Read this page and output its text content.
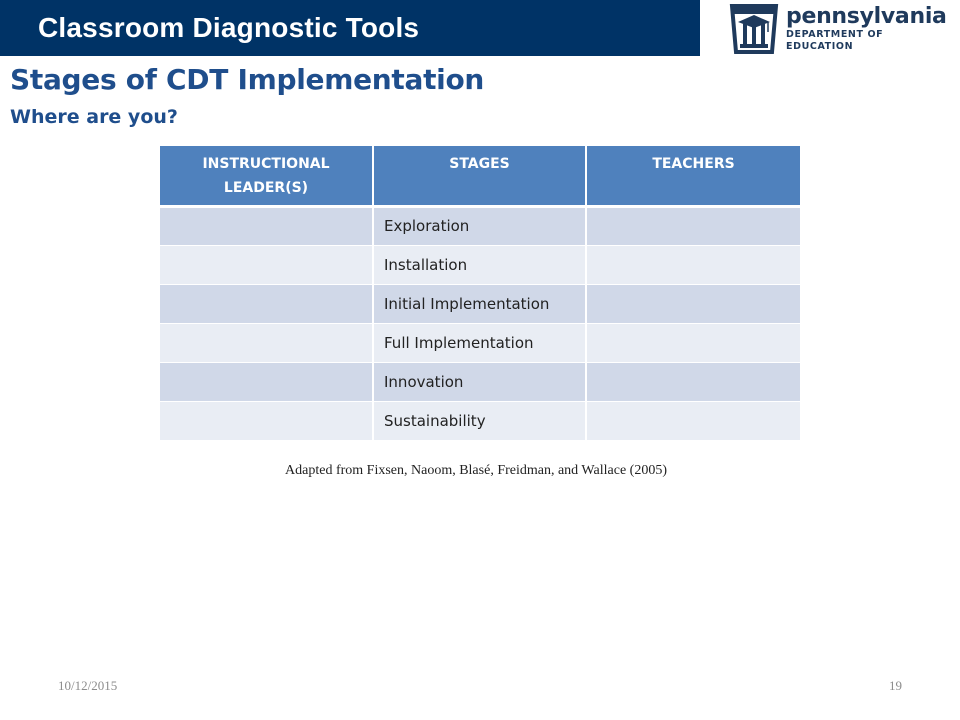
Classroom Diagnostic Tools	pennsylvania
DEPARTMENT OF EDUCATION
Stages of CDT Implementation
Where are you?
INSTRUCTIONAL LEADER(S)	STAGES	TEACHERS
	Exploration	
	Installation	
	Initial Implementation	
	Full Implementation	
	Innovation	
	Sustainability	
Adapted from Fixsen, Naoom, Blasé, Freidman, and Wallace (2005)
10/12/2015	19
